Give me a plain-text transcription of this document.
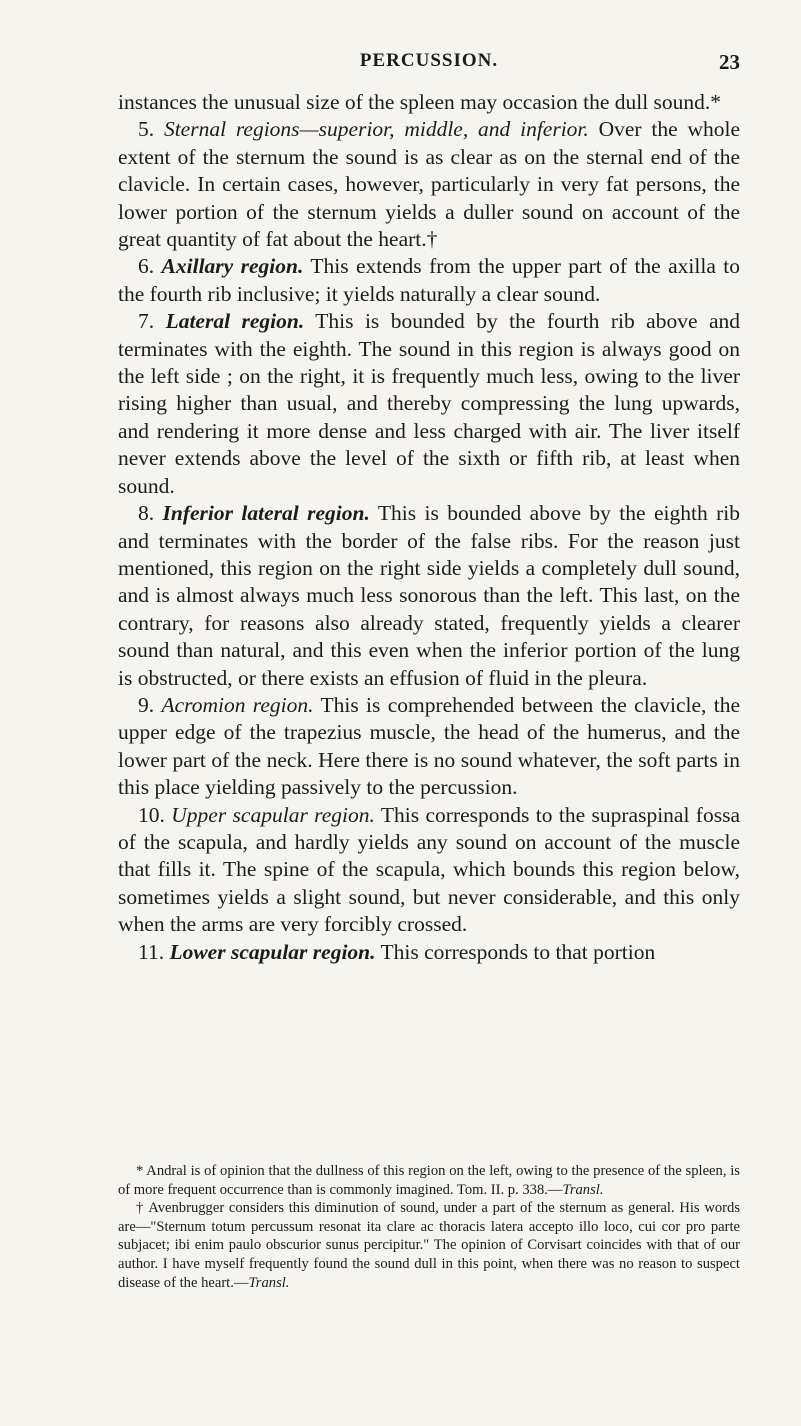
PERCUSSION.	23

instances the unusual size of the spleen may occasion the dull sound.*

5. Sternal regions—superior, middle, and inferior. Over the whole extent of the sternum the sound is as clear as on the sternal end of the clavicle. In certain cases, however, particularly in very fat persons, the lower portion of the sternum yields a duller sound on account of the great quantity of fat about the heart.†

6. Axillary region. This extends from the upper part of the axilla to the fourth rib inclusive; it yields naturally a clear sound.

7. Lateral region. This is bounded by the fourth rib above and terminates with the eighth. The sound in this region is always good on the left side ; on the right, it is frequently much less, owing to the liver rising higher than usual, and thereby compressing the lung upwards, and rendering it more dense and less charged with air. The liver itself never extends above the level of the sixth or fifth rib, at least when sound.

8. Inferior lateral region. This is bounded above by the eighth rib and terminates with the border of the false ribs. For the reason just mentioned, this region on the right side yields a completely dull sound, and is almost always much less sonorous than the left. This last, on the contrary, for reasons also already stated, frequently yields a clearer sound than natural, and this even when the inferior portion of the lung is obstructed, or there exists an effusion of fluid in the pleura.

9. Acromion region. This is comprehended between the clavicle, the upper edge of the trapezius muscle, the head of the humerus, and the lower part of the neck. Here there is no sound whatever, the soft parts in this place yielding passively to the percussion.

10. Upper scapular region. This corresponds to the supraspinal fossa of the scapula, and hardly yields any sound on account of the muscle that fills it. The spine of the scapula, which bounds this region below, sometimes yields a slight sound, but never considerable, and this only when the arms are very forcibly crossed.

11. Lower scapular region. This corresponds to that portion

* Andral is of opinion that the dullness of this region on the left, owing to the presence of the spleen, is of more frequent occurrence than is commonly imagined. Tom. II. p. 338.—Transl.

† Avenbrugger considers this diminution of sound, under a part of the sternum as general. His words are—"Sternum totum percussum resonat ita clare ac thoracis latera accepto illo loco, cui cor pro parte subjacet; ibi enim paulo obscurior sunus percipitur." The opinion of Corvisart coincides with that of our author. I have myself frequently found the sound dull in this point, when there was no reason to suspect disease of the heart.—Transl.
